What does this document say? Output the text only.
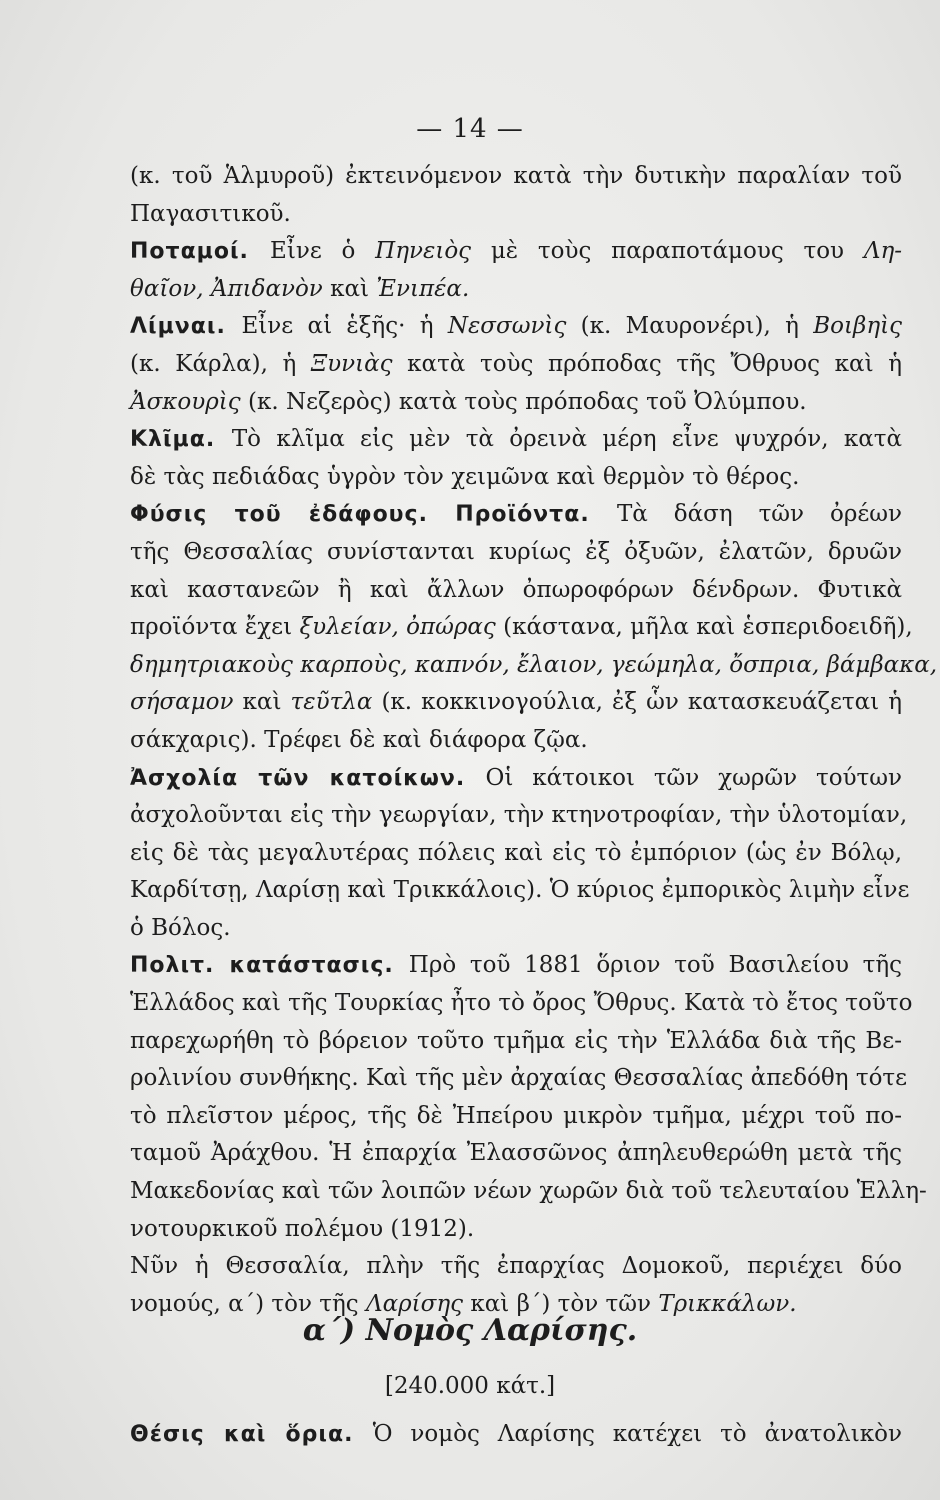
— 14 —
(κ. τοῦ Ἁλμυροῦ) ἐκτεινόμενον κατὰ τὴν δυτικὴν παραλίαν τοῦ
Παγασιτικοῦ.
Ποταμοί. Εἶνε ὁ Πηνειὸς μὲ τοὺς παραποτάμους του Λη-
θαῖον, Ἀπιδανὸν καὶ Ἐνιπέα.
Λίμναι. Εἶνε αἱ ἑξῆς· ἡ Νεσσωνὶς (κ. Μαυρονέρι), ἡ Βοιβηὶς
(κ. Κάρλα), ἡ Ξυνιὰς κατὰ τοὺς πρόποδας τῆς Ὄθρυος καὶ ἡ
Ἀσκουρὶς (κ. Νεζερὸς) κατὰ τοὺς πρόποδας τοῦ Ὀλύμπου.
Κλῖμα. Τὸ κλῖμα εἰς μὲν τὰ ὀρεινὰ μέρη εἶνε ψυχρόν, κατὰ
δὲ τὰς πεδιάδας ὑγρὸν τὸν χειμῶνα καὶ θερμὸν τὸ θέρος.
Φύσις τοῦ ἐδάφους. Προϊόντα. Τὰ δάση τῶν ὀρέων
τῆς Θεσσαλίας συνίστανται κυρίως ἐξ ὀξυῶν, ἐλατῶν, δρυῶν
καὶ καστανεῶν ἢ καὶ ἄλλων ὀπωροφόρων δένδρων. Φυτικὰ
προϊόντα ἔχει ξυλείαν, ὀπώρας (κάστανα, μῆλα καὶ ἑσπεριδοειδῆ),
δημητριακοὺς καρποὺς, καπνόν, ἔλαιον, γεώμηλα, ὄσπρια, βάμβακα,
σήσαμον καὶ τεῦτλα (κ. κοκκινογούλια, ἐξ ὧν κατασκευάζεται ἡ
σάκχαρις). Τρέφει δὲ καὶ διάφορα ζῷα.
Ἀσχολία τῶν κατοίκων. Οἱ κάτοικοι τῶν χωρῶν τούτων
ἀσχολοῦνται εἰς τὴν γεωργίαν, τὴν κτηνοτροφίαν, τὴν ὑλοτομίαν,
εἰς δὲ τὰς μεγαλυτέρας πόλεις καὶ εἰς τὸ ἐμπόριον (ὡς ἐν Βόλῳ,
Καρδίτσῃ, Λαρίσῃ καὶ Τρικκάλοις). Ὁ κύριος ἐμπορικὸς λιμὴν εἶνε
ὁ Βόλος.
Πολιτ. κατάστασις. Πρὸ τοῦ 1881 ὅριον τοῦ Βασιλείου τῆς
Ἑλλάδος καὶ τῆς Τουρκίας ἦτο τὸ ὄρος Ὄθρυς. Κατὰ τὸ ἔτος τοῦτο
παρεχωρήθη τὸ βόρειον τοῦτο τμῆμα εἰς τὴν Ἑλλάδα διὰ τῆς Βε-
ρολινίου συνθήκης. Καὶ τῆς μὲν ἀρχαίας Θεσσαλίας ἀπεδόθη τότε
τὸ πλεῖστον μέρος, τῆς δὲ Ἠπείρου μικρὸν τμῆμα, μέχρι τοῦ πο-
ταμοῦ Ἀράχθου. Ἡ ἐπαρχία Ἐλασσῶνος ἀπηλευθερώθη μετὰ τῆς
Μακεδονίας καὶ τῶν λοιπῶν νέων χωρῶν διὰ τοῦ τελευταίου Ἑλλη-
νοτουρκικοῦ πολέμου (1912).
Νῦν ἡ Θεσσαλία, πλὴν τῆς ἐπαρχίας Δομοκοῦ, περιέχει δύο
νομούς, α΄) τὸν τῆς Λαρίσης καὶ β΄) τὸν τῶν Τρικκάλων.
α΄) Νομὸς Λαρίσης.
[240.000 κάτ.]
Θέσις καὶ ὅρια. Ὁ νομὸς Λαρίσης κατέχει τὸ ἀνατολικὸν
